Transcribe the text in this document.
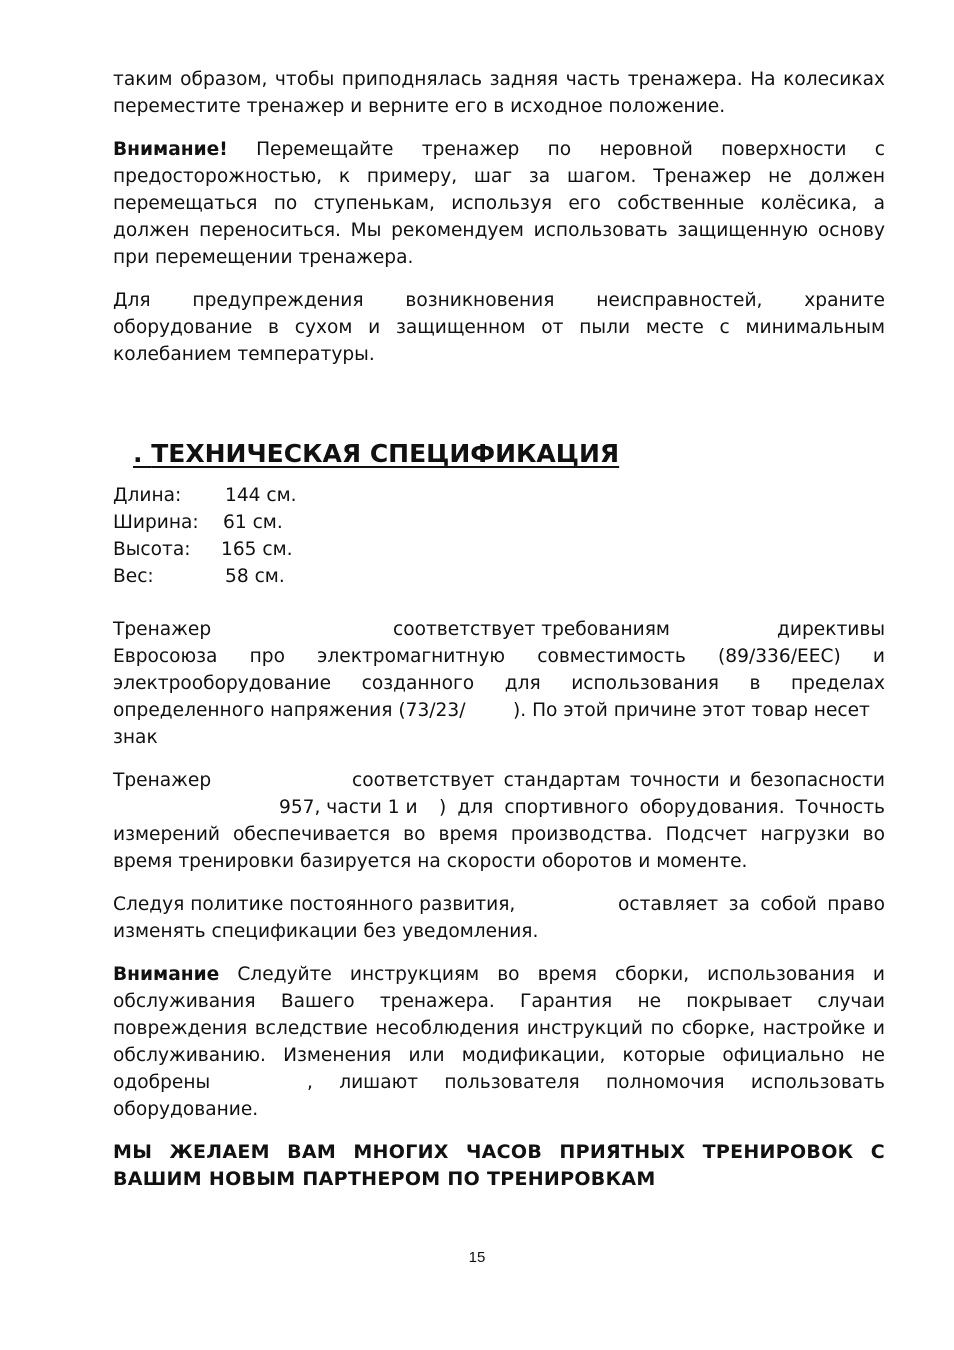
таким образом, чтобы приподнялась задняя часть тренажера. На колесиках

переместите тренажер и верните его в исходное положение.

Внимание! Перемещайте тренажер по неровной поверхности с

предосторожностью, к примеру, шаг за шагом. Тренажер не должен

перемещаться по ступенькам, используя его собственные колёсика, а

должен переноситься. Мы рекомендуем использовать защищенную основу

при перемещении тренажера.

Для предупреждения возникновения неисправностей, храните

оборудование в сухом и защищенном от пыли месте с минимальным

колебанием температуры.

. ТЕХНИЧЕСКАЯ СПЕЦИФИКАЦИЯ
Длина:	144 см.
Ширина:	61 см.
Высота:	165 см.
Вес:	58 см.

Тренажер	соответствует требованиям	директивы

Евросоюза про электромагнитную совместимость (89/336/EEC) и

электрооборудование созданного для использования в пределах

определенного напряжения (73/23/	). По этой причине этот товар несет

знак

Тренажер	соответствует стандартам точности и безопасности

957, части 1 и	) для спортивного оборудования. Точность

измерений обеспечивается во время производства. Подсчет нагрузки во

время тренировки базируется на скорости оборотов и моменте.

Следуя политике постоянного развития,	оставляет за собой право

изменять спецификации без уведомления.

Внимание Следуйте инструкциям во время сборки, использования и

обслуживания Вашего тренажера. Гарантия не покрывает случаи

повреждения вследствие несоблюдения инструкций по сборке, настройке и

обслуживанию. Изменения или модификации, которые официально не

одобрены	, лишают пользователя полномочия использовать

оборудование.

МЫ ЖЕЛАЕМ ВАМ МНОГИХ ЧАСОВ ПРИЯТНЫХ ТРЕНИРОВОК С

ВАШИМ НОВЫМ ПАРТНЕРОМ ПО ТРЕНИРОВКАМ

15
